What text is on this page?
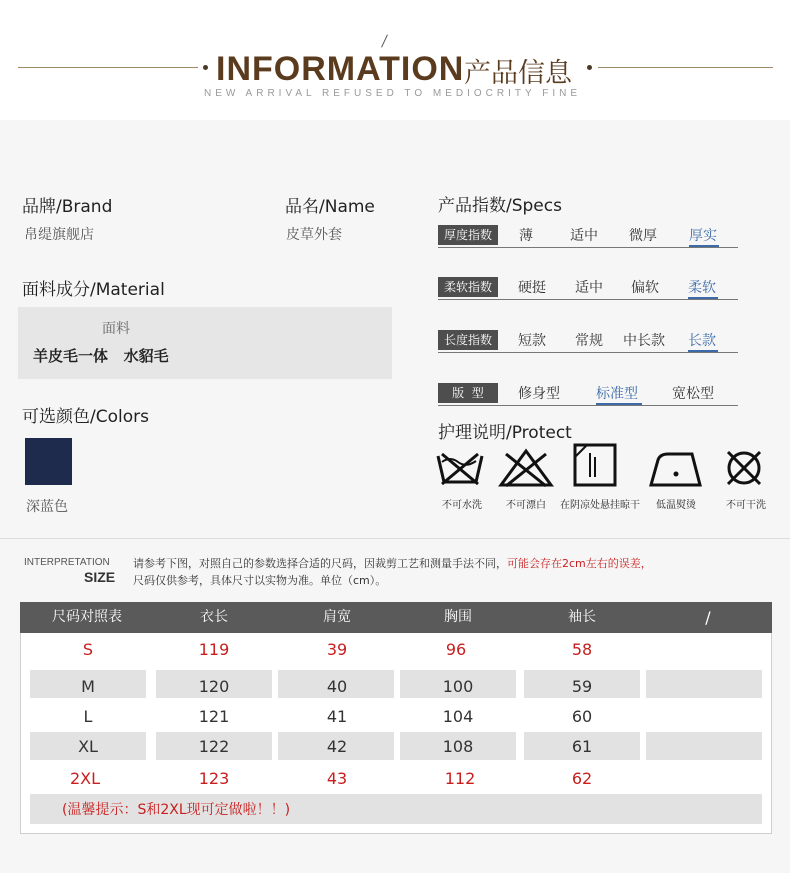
INFORMATION 产品信息
NEW ARRIVAL REFUSED TO MEDIOCRITY FINE
品牌/Brand
帛缇旗舰店
品名/Name
皮草外套
面料成分/Material
面料
羊皮毛一体   水貂毛
可选颜色/Colors
深蓝色
产品指数/Specs
厚度指数	薄	适中 微厚 厚实
柔软指数	硬挺 适中 偏软 柔软
长度指数	短款 常规 中长款 长款
版  型	修身型	标准型 宽松型
护理说明/Protect
不可水洗	不可漂白	在阴凉处悬挂晾干	低温熨烫	不可干洗
INTERPRETATION
SIZE
请参考下图，对照自己的参数选择合适的尺码，因裁剪工艺和测量手法不同，可能会存在2cm左右的误差，
尺码仅供参考，具体尺寸以实物为准。单位（cm）。
尺码对照表	衣长	肩宽	胸围	袖长	/
S	119	39	96	58
M	120	40	100	59
L	121	41	104	60
XL	122	42	108	61
2XL	123	43	112	62
(温馨提示：S和2XL现可定做啦！！)
